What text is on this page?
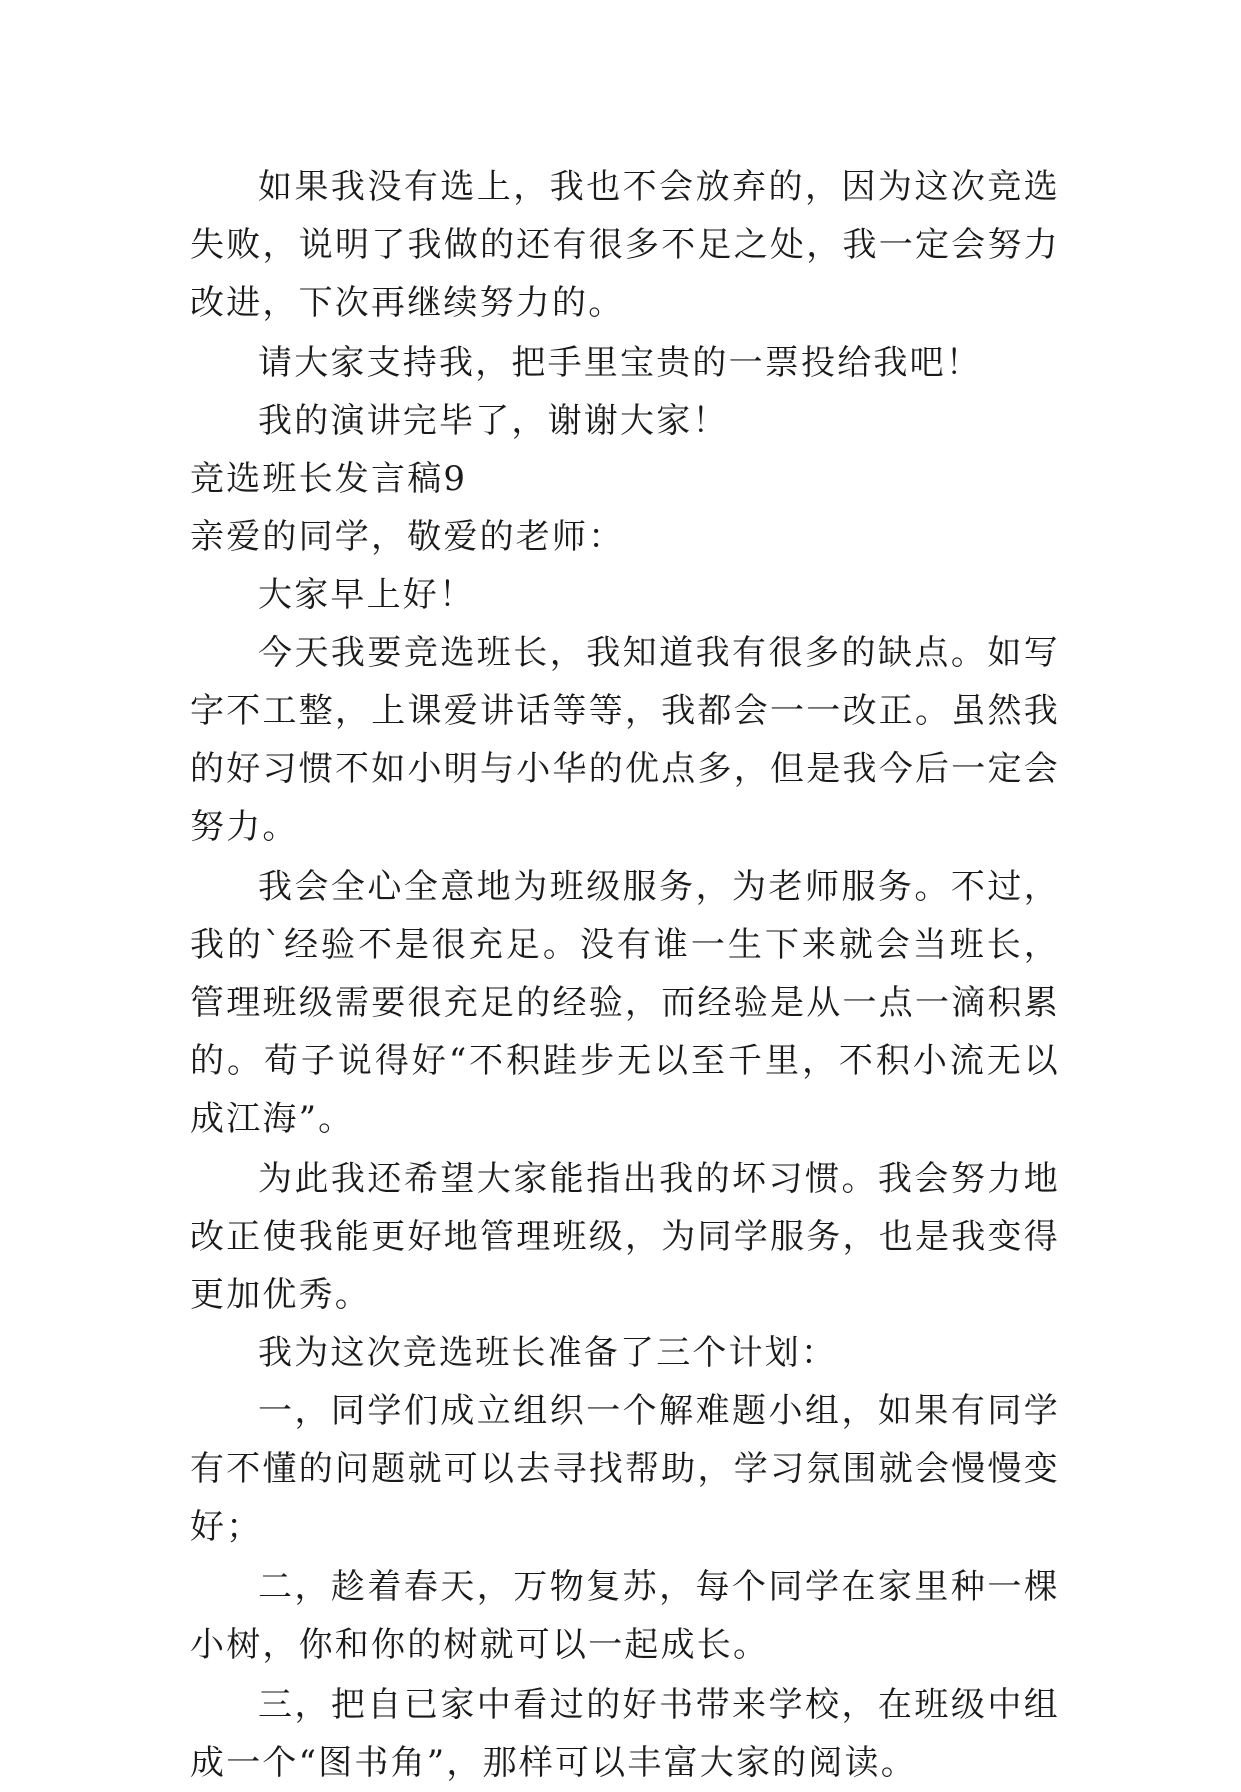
如果我没有选上，我也不会放弃的，因为这次竞选失败，说明了我做的还有很多不足之处，我一定会努力改进，下次再继续努力的。

请大家支持我，把手里宝贵的一票投给我吧！

我的演讲完毕了，谢谢大家！

竞选班长发言稿9

亲爱的同学，敬爱的老师：

大家早上好！

今天我要竞选班长，我知道我有很多的缺点。如写字不工整，上课爱讲话等等，我都会一一改正。虽然我的好习惯不如小明与小华的优点多，但是我今后一定会努力。

我会全心全意地为班级服务，为老师服务。不过，我的`经验不是很充足。没有谁一生下来就会当班长，管理班级需要很充足的经验，而经验是从一点一滴积累的。荀子说得好“不积跬步无以至千里，不积小流无以成江海”。

为此我还希望大家能指出我的坏习惯。我会努力地改正使我能更好地管理班级，为同学服务，也是我变得更加优秀。

我为这次竞选班长准备了三个计划：

一，同学们成立组织一个解难题小组，如果有同学有不懂的问题就可以去寻找帮助，学习氛围就会慢慢变好；

二，趁着春天，万物复苏，每个同学在家里种一棵小树，你和你的树就可以一起成长。

三，把自已家中看过的好书带来学校，在班级中组成一个“图书角”，那样可以丰富大家的阅读。
